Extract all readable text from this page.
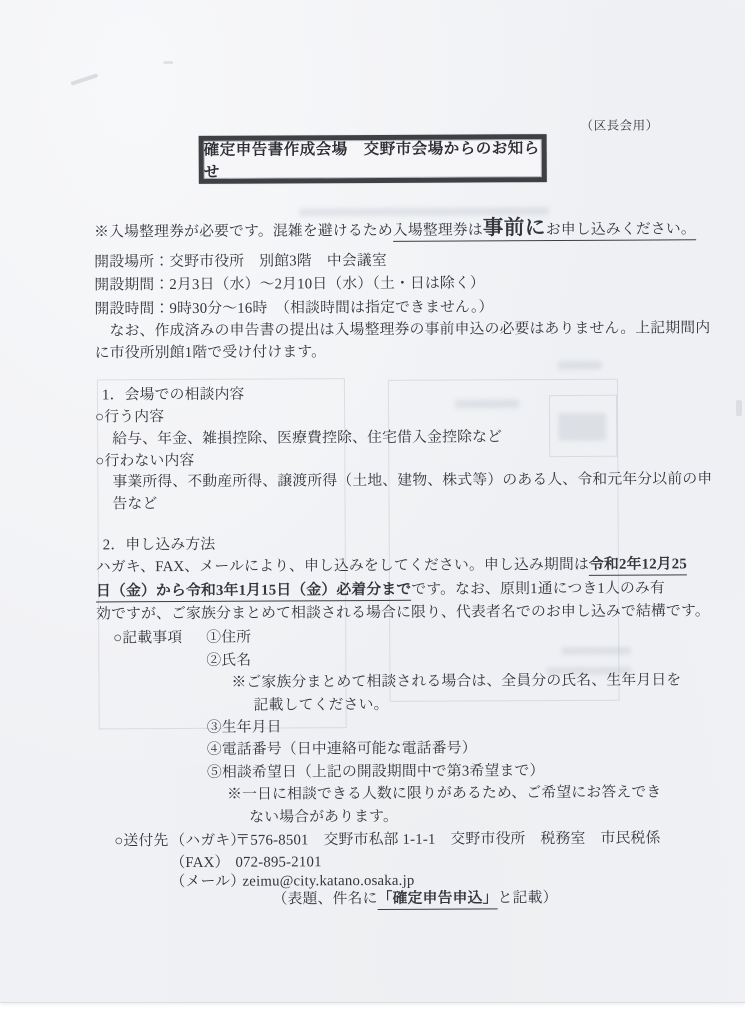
（区長会用）
確定申告書作成会場　交野市会場からのお知らせ
※入場整理券が必要です。混雑を避けるため入場整理券は事前にお申し込みください。
開設場所：交野市役所　別館3階　中会議室
開設期間：2月3日（水）～2月10日（水）（土・日は除く）
開設時間：9時30分～16時　（相談時間は指定できません。）
なお、作成済みの申告書の提出は入場整理券の事前申込の必要はありません。上記期間内
に市役所別館1階で受け付けます。
1．会場での相談内容
○行う内容
給与、年金、雑損控除、医療費控除、住宅借入金控除など
○行わない内容
事業所得、不動産所得、譲渡所得（土地、建物、株式等）のある人、令和元年分以前の申
告など
2．申し込み方法
ハガキ、FAX、メールにより、申し込みをしてください。申し込み期間は令和2年12月25
日（金）から令和3年1月15日（金）必着分までです。なお、原則1通につき1人のみ有
効ですが、ご家族分まとめて相談される場合に限り、代表者名でのお申し込みで結構です。
○記載事項 ①住所
②氏名
※ご家族分まとめて相談される場合は、全員分の氏名、生年月日を
記載してください。
③生年月日
④電話番号（日中連絡可能な電話番号）
⑤相談希望日（上記の開設期間中で第3希望まで）
※一日に相談できる人数に限りがあるため、ご希望にお答えでき
ない場合があります。
○送付先 （ハガキ）
〒576-8501　交野市私部 1-1-1　交野市役所　税務室　市民税係
（FAX） 072-895-2101
（メール）
zeimu@city.katano.osaka.jp
（表題、件名に「確定申告申込」と記載）
